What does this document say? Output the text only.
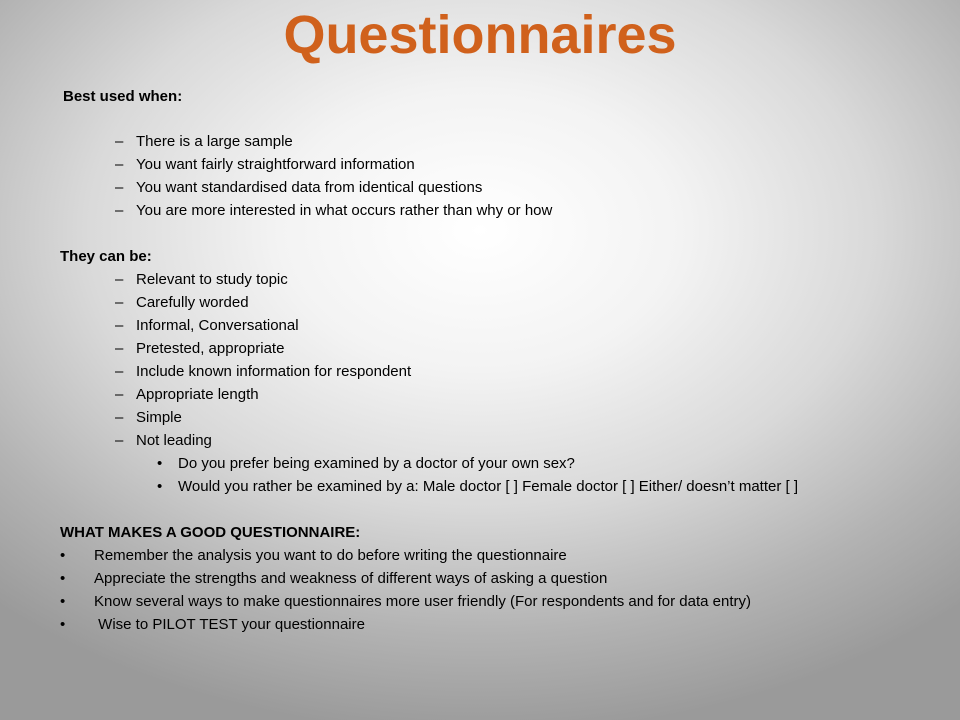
Questionnaires
Best used when:
– There is a large sample
– You want fairly straightforward information
– You want standardised data from identical questions
– You are more interested in what occurs rather than why or how
They can be:
– Relevant to study topic
– Carefully worded
– Informal, Conversational
– Pretested, appropriate
– Include known information for respondent
– Appropriate length
– Simple
– Not leading
• Do you prefer being examined by a doctor of your own sex?
• Would you rather be examined by a: Male doctor [ ] Female doctor [ ] Either/ doesn’t matter [ ]
WHAT MAKES A GOOD QUESTIONNAIRE:
• Remember the analysis you want to do before writing the questionnaire
• Appreciate the strengths and weakness of different ways of asking a question
• Know several ways to make questionnaires more user friendly (For respondents and for data entry)
• Wise to PILOT TEST your questionnaire
